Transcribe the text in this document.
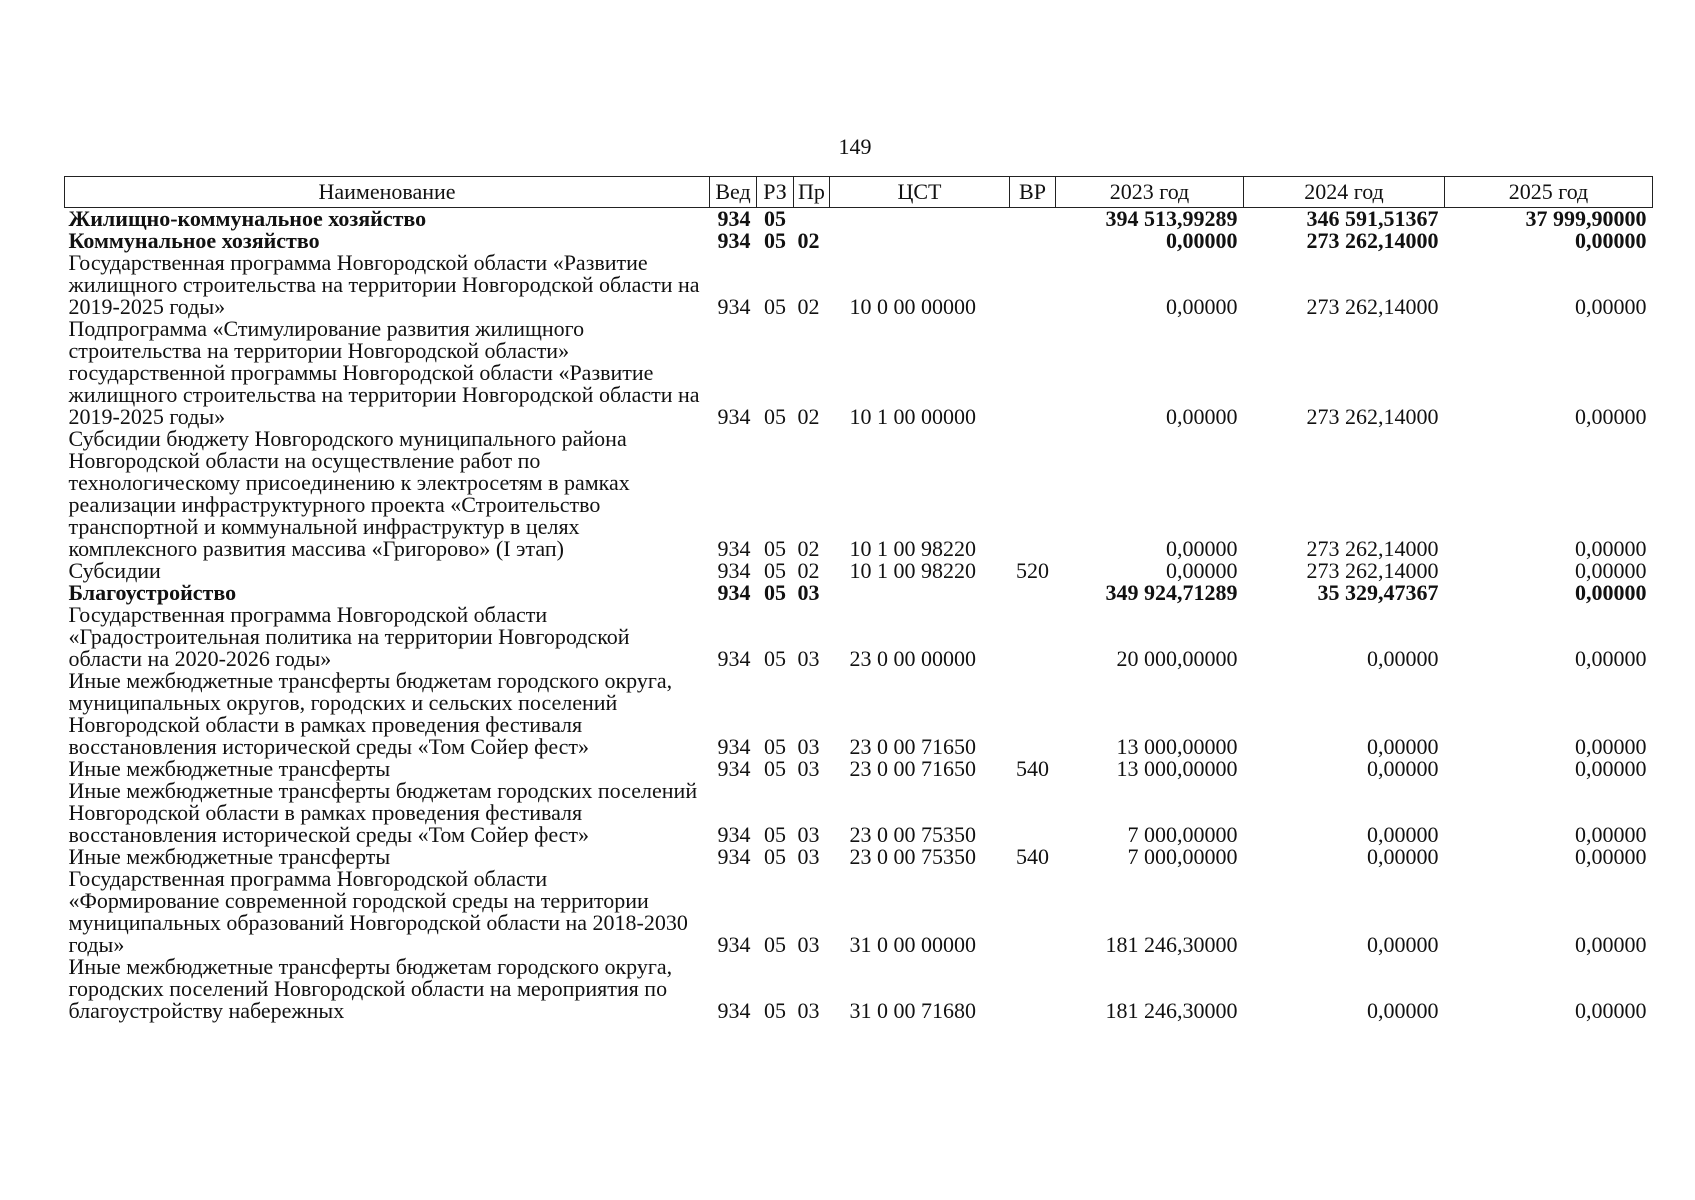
149
Наименование	Вед	РЗ	Пр	ЦСТ	ВР	2023 год	2024 год	2025 год
Жилищно-коммунальное хозяйство	934	05				394 513,99289	346 591,51367	37 999,90000
Коммунальное хозяйство	934	05	02			0,00000	273 262,14000	0,00000
Государственная программа Новгородской области «Развитие жилищного строительства на территории Новгородской области на 2019-2025 годы»	934	05	02	10 0 00 00000		0,00000	273 262,14000	0,00000
Подпрограмма «Стимулирование развития жилищного строительства на территории Новгородской области» государственной программы Новгородской области «Развитие жилищного строительства на территории Новгородской области на 2019-2025 годы»	934	05	02	10 1 00 00000		0,00000	273 262,14000	0,00000
Субсидии бюджету Новгородского муниципального района Новгородской области на осуществление работ по технологическому присоединению к электросетям в рамках реализации инфраструктурного проекта «Строительство транспортной и коммунальной инфраструктур в целях комплексного развития массива «Григорово» (I этап)	934	05	02	10 1 00 98220		0,00000	273 262,14000	0,00000
Субсидии	934	05	02	10 1 00 98220	520	0,00000	273 262,14000	0,00000
Благоустройство	934	05	03			349 924,71289	35 329,47367	0,00000
Государственная программа Новгородской области «Градостроительная политика на территории Новгородской области на 2020-2026 годы»	934	05	03	23 0 00 00000		20 000,00000	0,00000	0,00000
Иные межбюджетные трансферты бюджетам городского округа, муниципальных округов, городских и сельских поселений Новгородской области в рамках проведения фестиваля восстановления исторической среды «Том Сойер фест»	934	05	03	23 0 00 71650		13 000,00000	0,00000	0,00000
Иные межбюджетные трансферты	934	05	03	23 0 00 71650	540	13 000,00000	0,00000	0,00000
Иные межбюджетные трансферты бюджетам городских поселений Новгородской области в рамках проведения фестиваля восстановления исторической среды «Том Сойер фест»	934	05	03	23 0 00 75350		7 000,00000	0,00000	0,00000
Иные межбюджетные трансферты	934	05	03	23 0 00 75350	540	7 000,00000	0,00000	0,00000
Государственная программа Новгородской области «Формирование современной городской среды на территории муниципальных образований Новгородской области на 2018-2030 годы»	934	05	03	31 0 00 00000		181 246,30000	0,00000	0,00000
Иные межбюджетные трансферты бюджетам городского округа, городских поселений Новгородской области на мероприятия по благоустройству набережных	934	05	03	31 0 00 71680		181 246,30000	0,00000	0,00000
